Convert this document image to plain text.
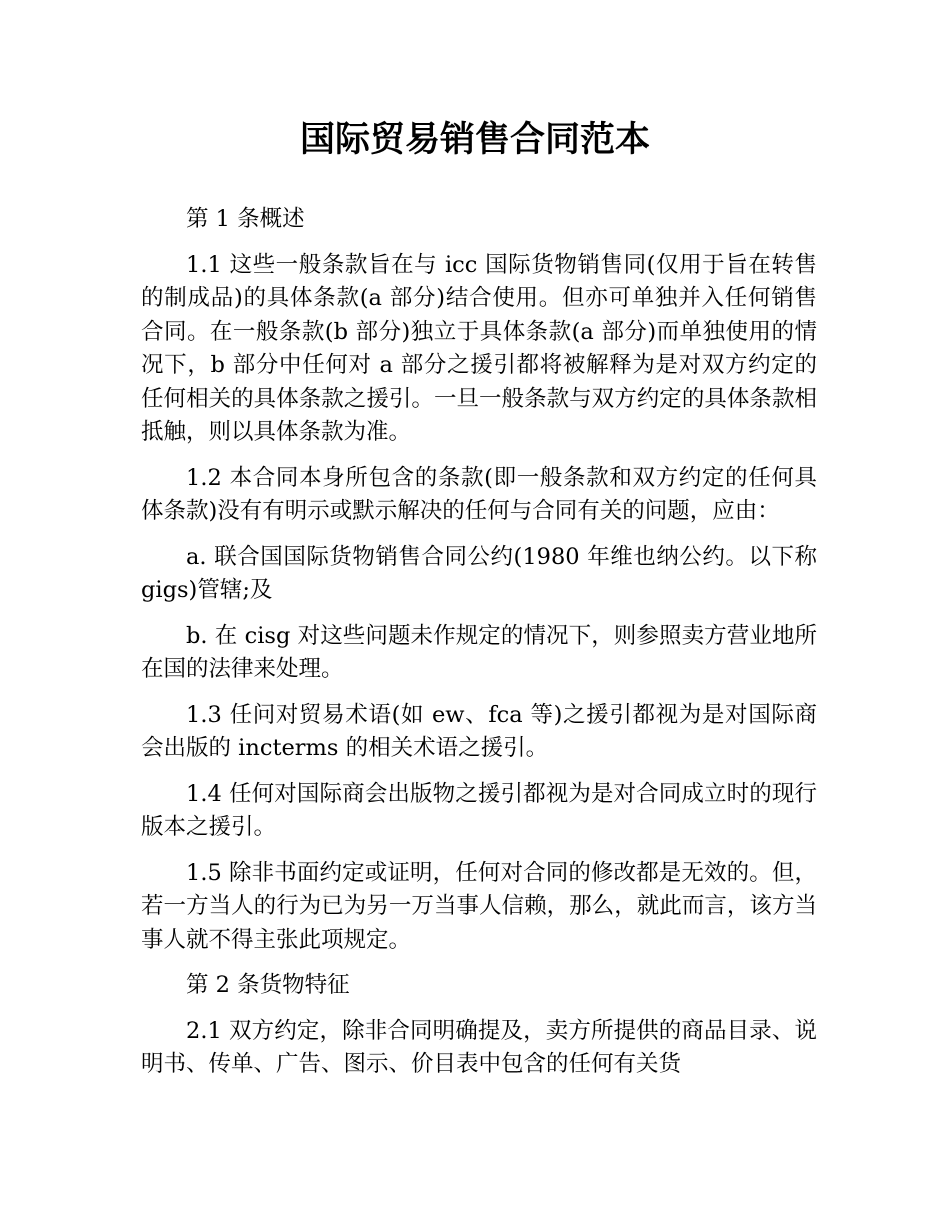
国际贸易销售合同范本

第 1 条概述

1.1 这些一般条款旨在与 icc 国际货物销售同(仅用于旨在转售的制成品)的具体条款(a 部分)结合使用。但亦可单独并入任何销售合同。在一般条款(b 部分)独立于具体条款(a 部分)而单独使用的情况下，b 部分中任何对 a 部分之援引都将被解释为是对双方约定的任何相关的具体条款之援引。一旦一般条款与双方约定的具体条款相抵触，则以具体条款为准。

1.2 本合同本身所包含的条款(即一般条款和双方约定的任何具体条款)没有有明示或默示解决的任何与合同有关的问题，应由：

a. 联合国国际货物销售合同公约(1980 年维也纳公约。以下称 gigs)管辖;及

b. 在 cisg 对这些问题未作规定的情况下，则参照卖方营业地所在国的法律来处理。

1.3 任问对贸易术语(如 ew、fca 等)之援引都视为是对国际商会出版的 incterms 的相关术语之援引。

1.4 任何对国际商会出版物之援引都视为是对合同成立时的现行版本之援引。

1.5 除非书面约定或证明，任何对合同的修改都是无效的。但，若一方当人的行为已为另一万当事人信赖，那么，就此而言，该方当事人就不得主张此项规定。

第 2 条货物特征

2.1 双方约定，除非合同明确提及，卖方所提供的商品目录、说明书、传单、广告、图示、价目表中包含的任何有关货
